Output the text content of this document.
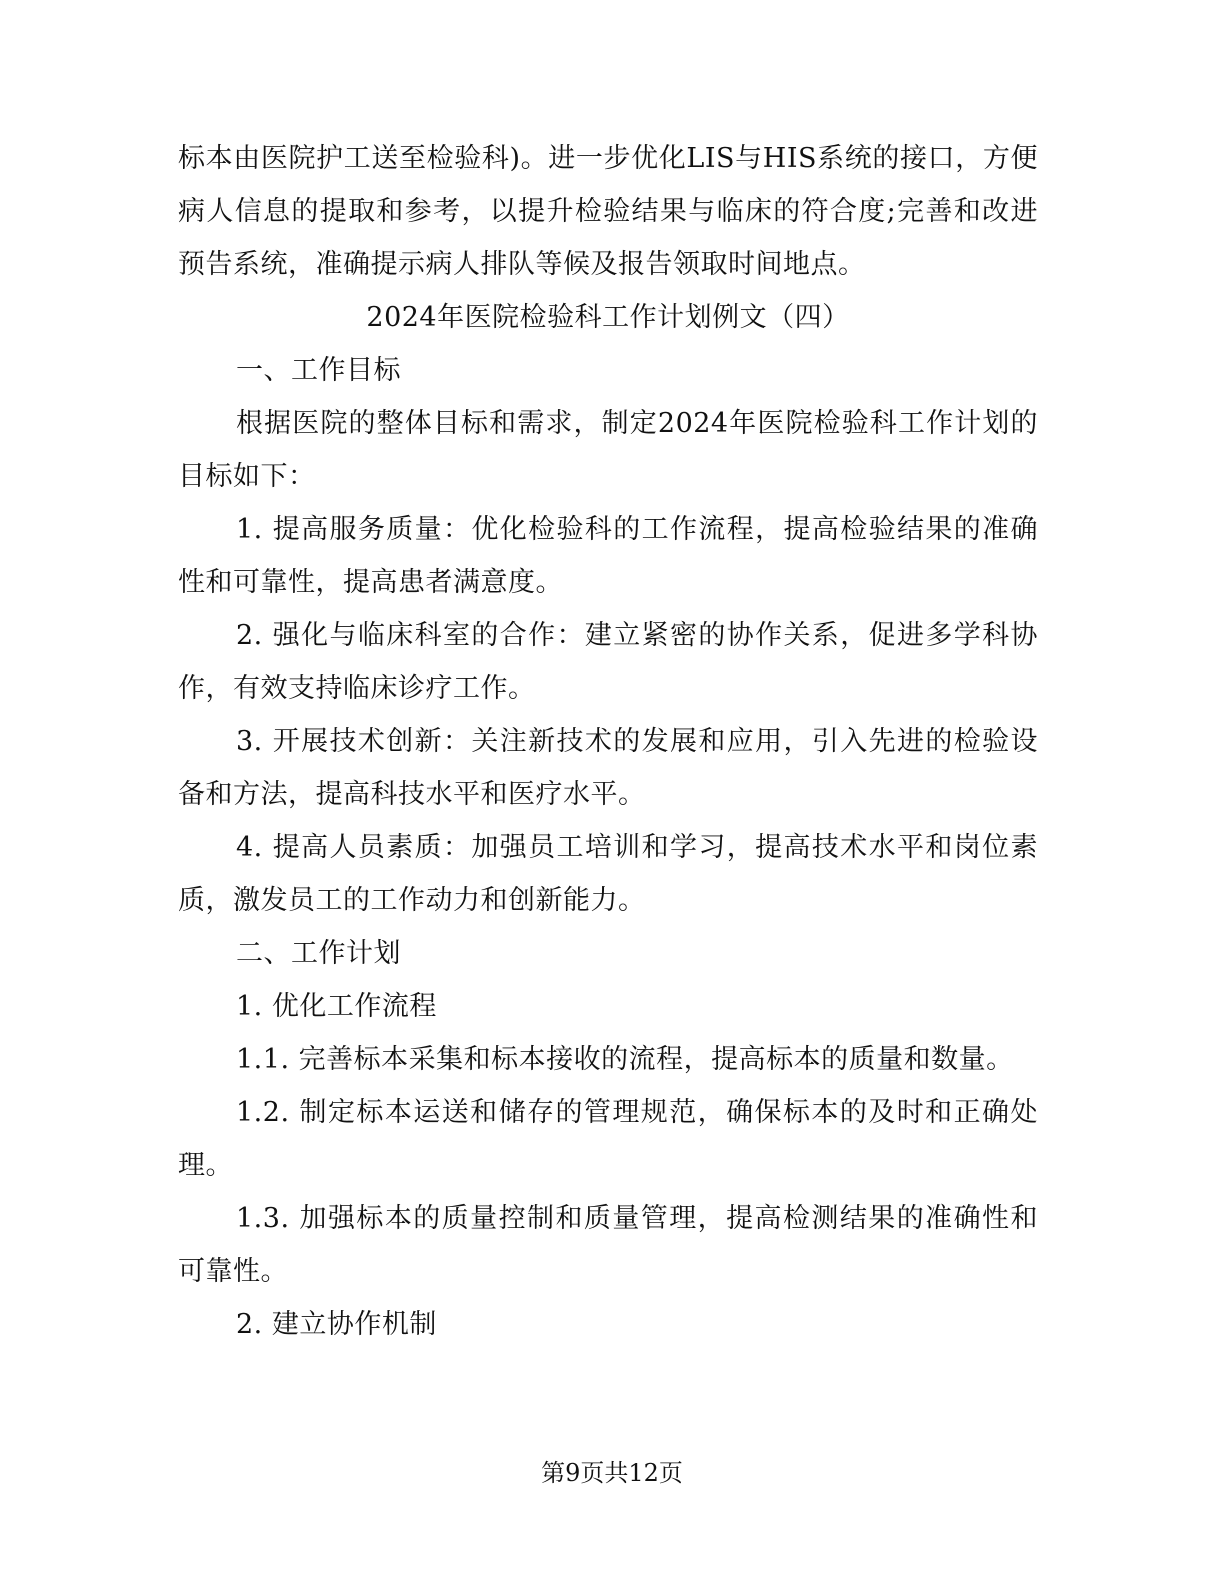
标本由医院护工送至检验科)。进一步优化LIS与HIS系统的接口，方便病人信息的提取和参考，以提升检验结果与临床的符合度;完善和改进预告系统，准确提示病人排队等候及报告领取时间地点。

2024年医院检验科工作计划例文（四）

一、工作目标

根据医院的整体目标和需求，制定2024年医院检验科工作计划的目标如下：

1. 提高服务质量：优化检验科的工作流程，提高检验结果的准确性和可靠性，提高患者满意度。

2. 强化与临床科室的合作：建立紧密的协作关系，促进多学科协作，有效支持临床诊疗工作。

3. 开展技术创新：关注新技术的发展和应用，引入先进的检验设备和方法，提高科技水平和医疗水平。

4. 提高人员素质：加强员工培训和学习，提高技术水平和岗位素质，激发员工的工作动力和创新能力。

二、工作计划

1. 优化工作流程

1.1. 完善标本采集和标本接收的流程，提高标本的质量和数量。

1.2. 制定标本运送和储存的管理规范，确保标本的及时和正确处理。

1.3. 加强标本的质量控制和质量管理，提高检测结果的准确性和可靠性。

2. 建立协作机制

第9页共12页
